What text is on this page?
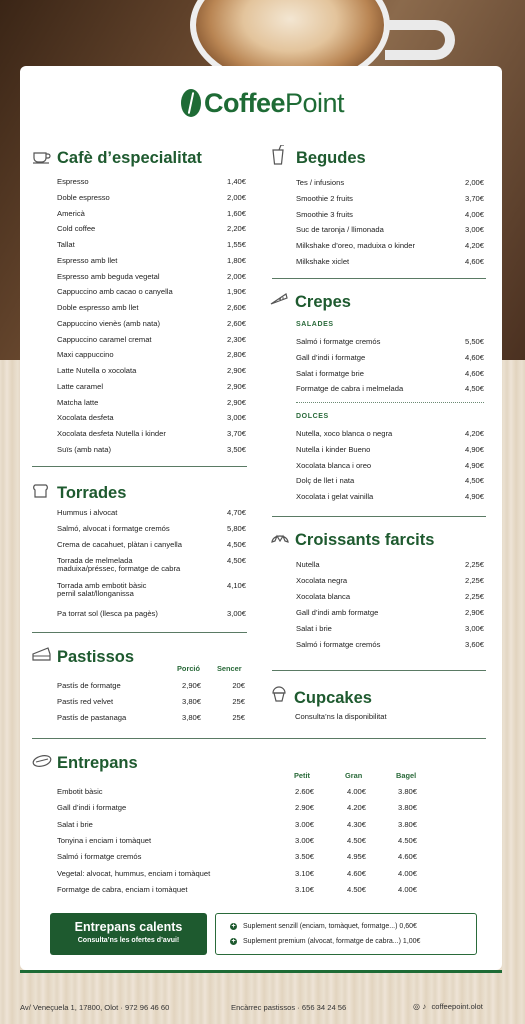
CoffeePoint
Cafè d’especialitat	Begudes
Crepes
SALADES
DOLCES
Torrades
Croissants farcits
Pastissos
Porció Sencer
Cupcakes
Consulta’ns la disponibilitat
Entrepans
Petit	Gran	Bagel
Entrepans calents
Consulta’ns les ofertes d’avui!
+ Suplement senzill (enciam, tomàquet, formatge...) 0,60€
+ Suplement premium (alvocat, formatge de cabra...) 1,00€
Av/ Veneçuela 1, 17800, Olot · 972 96 46 60	Encàrrec pastissos · 656 34 24 56	◎ ♪ coffeepoint.olot
Espresso	1,40€
Doble espresso	2,00€
Americà	1,60€
Cold coffee	2,20€
Tallat	1,55€
Espresso amb llet	1,80€
Espresso amb beguda vegetal	2,00€
Cappuccino amb cacao o canyella	1,90€
Doble espresso amb llet	2,60€
Cappuccino vienès (amb nata)	2,60€
Cappuccino caramel cremat	2,30€
Maxi cappuccino	2,80€
Latte Nutella o xocolata	2,90€
Latte caramel	2,90€
Matcha latte	2,90€
Xocolata desfeta	3,00€
Xocolata desfeta Nutella i kinder	3,70€
Suïs (amb nata)	3,50€
Tes / infusions	2,00€
Smoothie 2 fruits	3,70€
Smoothie 3 fruits	4,00€
Suc de taronja / llimonada	3,00€
Milkshake d’oreo, maduixa o kinder	4,20€
Milkshake xiclet	4,60€
Salmó i formatge cremós	5,50€
Gall d’indi i formatge	4,60€
Salat i formatge brie	4,60€
Formatge de cabra i melmelada	4,50€
Nutella, xoco blanca o negra	4,20€
Nutella i kinder Bueno	4,90€
Xocolata blanca i oreo	4,90€
Dolç de llet i nata	4,50€
Xocolata i gelat vainilla	4,90€
Nutella	2,25€
Xocolata negra	2,25€
Xocolata blanca	2,25€
Gall d’indi amb formatge	2,90€
Salat i brie	3,00€
Salmó i formatge cremós	3,60€
Hummus i alvocat	4,70€
Salmó, alvocat i formatge cremós	5,80€
Crema de cacahuet, plàtan i canyella	4,50€
Torrada de melmelada
maduixa/préssec, formatge de cabra
4,50€
Torrada amb embotit bàsic
pernil salat/llonganissa
4,10€
Pa torrat sol (llesca pa pagès)	3,00€
Pastís de formatge	2,90€	20€
Pastís red velvet	3,80€	25€
Pastís de pastanaga	3,80€	25€
Embotit bàsic	2.60€	4.00€	3.80€
Gall d’indi i formatge	2.90€	4.20€	3.80€
Salat i brie	3.00€	4.30€	3.80€
Tonyina i enciam i tomàquet	3.00€	4.50€	4.50€
Salmó i formatge cremós	3.50€	4.95€	4.60€
Vegetal: alvocat, hummus, enciam i tomàquet	3.10€	4.60€	4.00€
Formatge de cabra, enciam i tomàquet	3.10€	4.50€	4.00€
